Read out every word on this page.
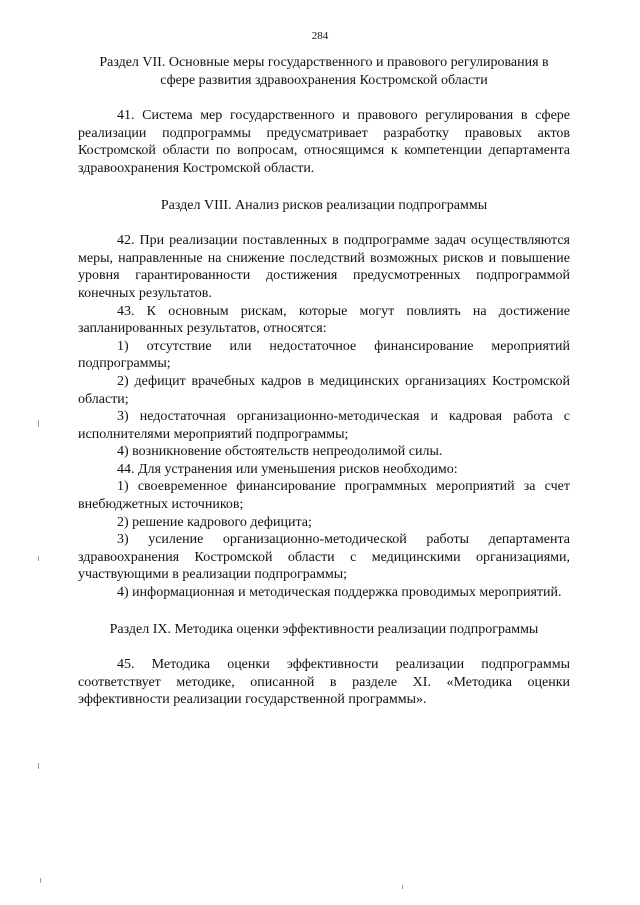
284

Раздел VII. Основные меры государственного и правового регулирования в
сфере развития здравоохранения Костромской области

41. Система мер государственного и правового регулирования в сфере реализации подпрограммы предусматривает разработку правовых актов Костромской области по вопросам, относящимся к компетенции департамента здравоохранения Костромской области.

Раздел VIII. Анализ рисков реализации подпрограммы

42. При реализации поставленных в подпрограмме задач осуществляются меры, направленные на снижение последствий возможных рисков и повышение уровня гарантированности достижения предусмотренных подпрограммой конечных результатов.

43. К основным рискам, которые могут повлиять на достижение запланированных результатов, относятся:

1) отсутствие или недостаточное финансирование мероприятий подпрограммы;

2) дефицит врачебных кадров в медицинских организациях Костромской области;

3) недостаточная организационно-методическая и кадровая работа с исполнителями мероприятий подпрограммы;

4) возникновение обстоятельств непреодолимой силы.

44. Для устранения или уменьшения рисков необходимо:

1) своевременное финансирование программных мероприятий за счет внебюджетных источников;

2) решение кадрового дефицита;

3) усиление организационно-методической работы департамента здравоохранения Костромской области с медицинскими организациями, участвующими в реализации подпрограммы;

4) информационная и методическая поддержка проводимых мероприятий.

Раздел IX. Методика оценки эффективности реализации подпрограммы

45. Методика оценки эффективности реализации подпрограммы соответствует методике, описанной в разделе XI. «Методика оценки эффективности реализации государственной программы».
